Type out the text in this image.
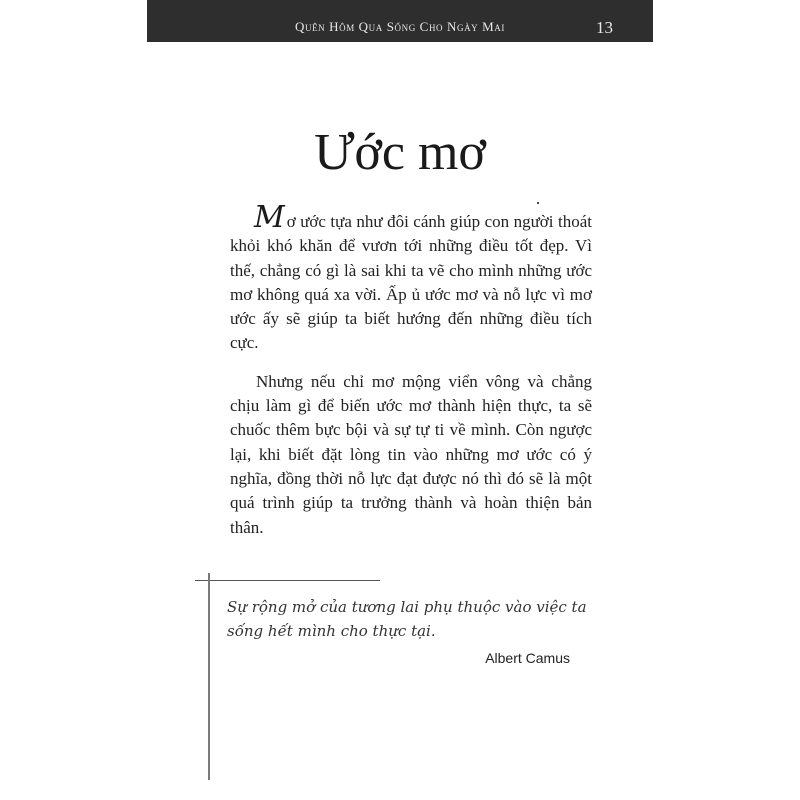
Quên Hôm Qua Sống Cho Ngày Mai	13
Ước mơ

Mơ ước tựa như đôi cánh giúp con người thoát khỏi khó khăn để vươn tới những điều tốt đẹp. Vì thế, chẳng có gì là sai khi ta vẽ cho mình những ước mơ không quá xa vời. Ấp ủ ước mơ và nỗ lực vì mơ ước ấy sẽ giúp ta biết hướng đến những điều tích cực.

Nhưng nếu chỉ mơ mộng viển vông và chẳng chịu làm gì để biến ước mơ thành hiện thực, ta sẽ chuốc thêm bực bội và sự tự ti về mình. Còn ngược lại, khi biết đặt lòng tin vào những mơ ước có ý nghĩa, đồng thời nỗ lực đạt được nó thì đó sẽ là một quá trình giúp ta trưởng thành và hoàn thiện bản thân.

Sự rộng mở của tương lai phụ thuộc vào việc ta sống hết mình cho thực tại.

Albert Camus
